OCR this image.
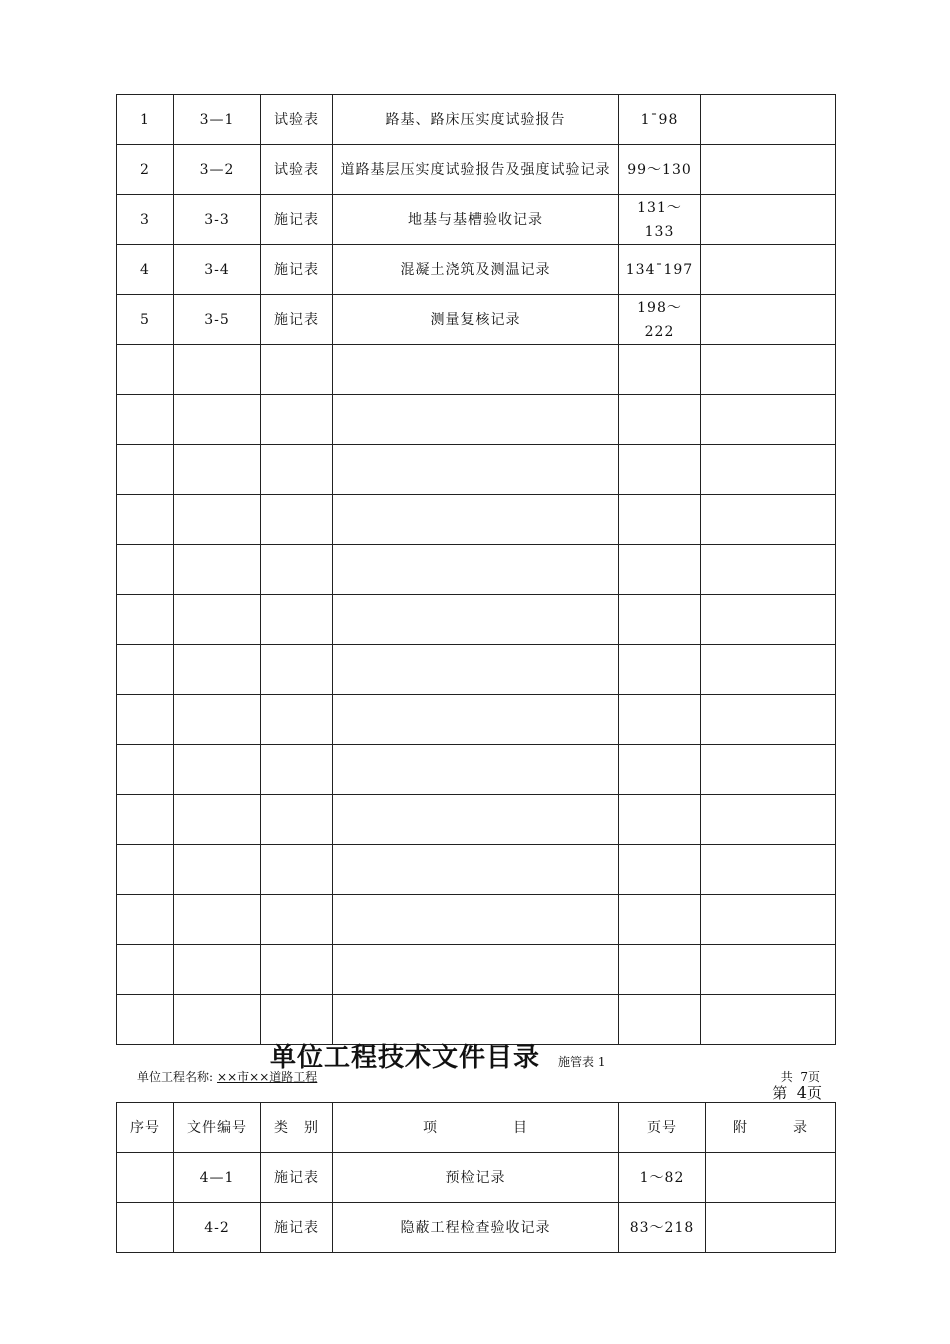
1	3—1	试验表	路基、路床压实度试验报告	1¯98	
2	3—2	试验表	道路基层压实度试验报告及强度试验记录	99～130	
3	3-3	施记表	地基与基槽验收记录	131～133	
4	3-4	施记表	混凝土浇筑及测温记录	134¯197	
5	3-5	施记表	测量复核记录	198～222	

单位工程技术文件目录 施管表 1
单位工程名称: ××市××道路工程	共 7页
第 4页
序号	文件编号	类　别	项　　　　　目	页号	附　　　录
	4—1	施记表	预检记录	1～82	
	4-2	施记表	隐蔽工程检查验收记录	83～218	
